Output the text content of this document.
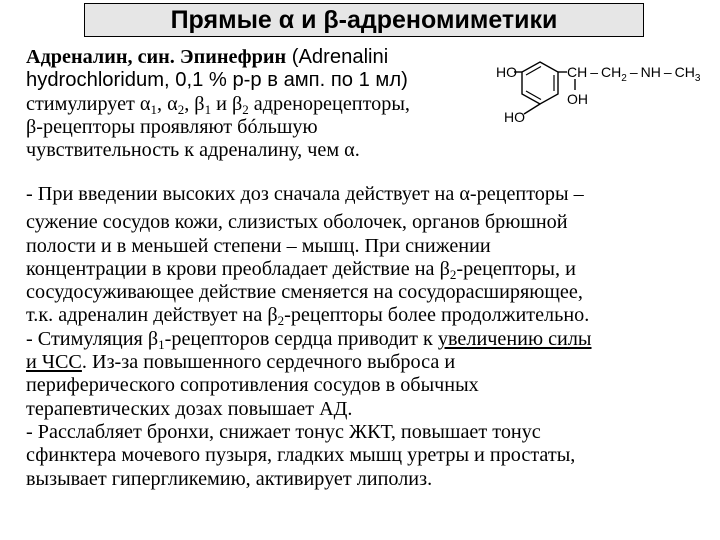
Прямые α и β-адреномиметики
Адреналин, син. Эпинефрин (Adrenalini
hydrochloridum, 0,1 % р-р в амп. по 1 мл)
стимулирует $\alpha_1$, $\alpha_2$, $\beta_1$ и $\beta_2$ адренорецепторы,
β-рецепторы проявляют бóльшую
чувствительность к адреналину, чем α.
HO
HO
CH – $CH_2$ – NH – $CH_3$
OH
- При введении высоких доз сначала действует на α-рецепторы –
сужение сосудов кожи, слизистых оболочек, органов брюшной
полости и в меньшей степени – мышц. При снижении
концентрации в крови преобладает действие на $\beta_2$-рецепторы, и
сосудосуживающее действие сменяется на сосудорасширяющее,
т.к. адреналин действует на $\beta_2$-рецепторы более продолжительно.
- Стимуляция $\beta_1$-рецепторов сердца приводит к увеличению силы
и ЧСС. Из-за повышенного сердечного выброса и
периферического сопротивления сосудов в обычных
терапевтических дозах повышает АД.
- Расслабляет бронхи, снижает тонус ЖКТ, повышает тонус
сфинктера мочевого пузыря, гладких мышц уретры и простаты,
вызывает гипергликемию, активирует липолиз.
